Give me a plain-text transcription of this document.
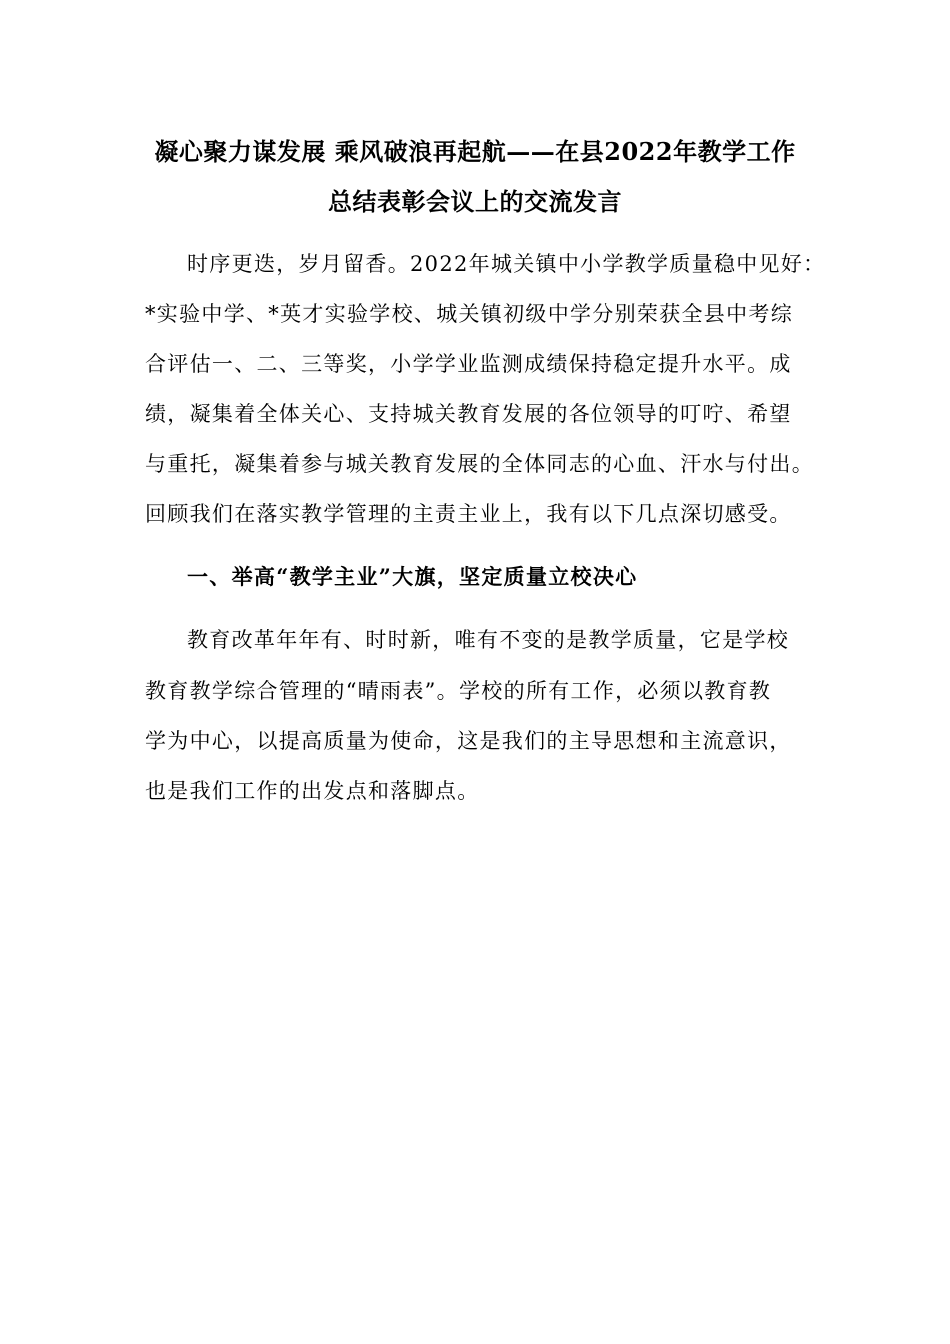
凝心聚力谋发展 乘风破浪再起航——在县2022年教学工作
总结表彰会议上的交流发言
时序更迭，岁月留香。2022年城关镇中小学教学质量稳中见好：
*实验中学、*英才实验学校、城关镇初级中学分别荣获全县中考综
合评估一、二、三等奖，小学学业监测成绩保持稳定提升水平。成
绩，凝集着全体关心、支持城关教育发展的各位领导的叮咛、希望
与重托，凝集着参与城关教育发展的全体同志的心血、汗水与付出。
回顾我们在落实教学管理的主责主业上，我有以下几点深切感受。
一、举高“教学主业”大旗，坚定质量立校决心
教育改革年年有、时时新，唯有不变的是教学质量，它是学校
教育教学综合管理的“晴雨表”。学校的所有工作，必须以教育教
学为中心，以提高质量为使命，这是我们的主导思想和主流意识，
也是我们工作的出发点和落脚点。
